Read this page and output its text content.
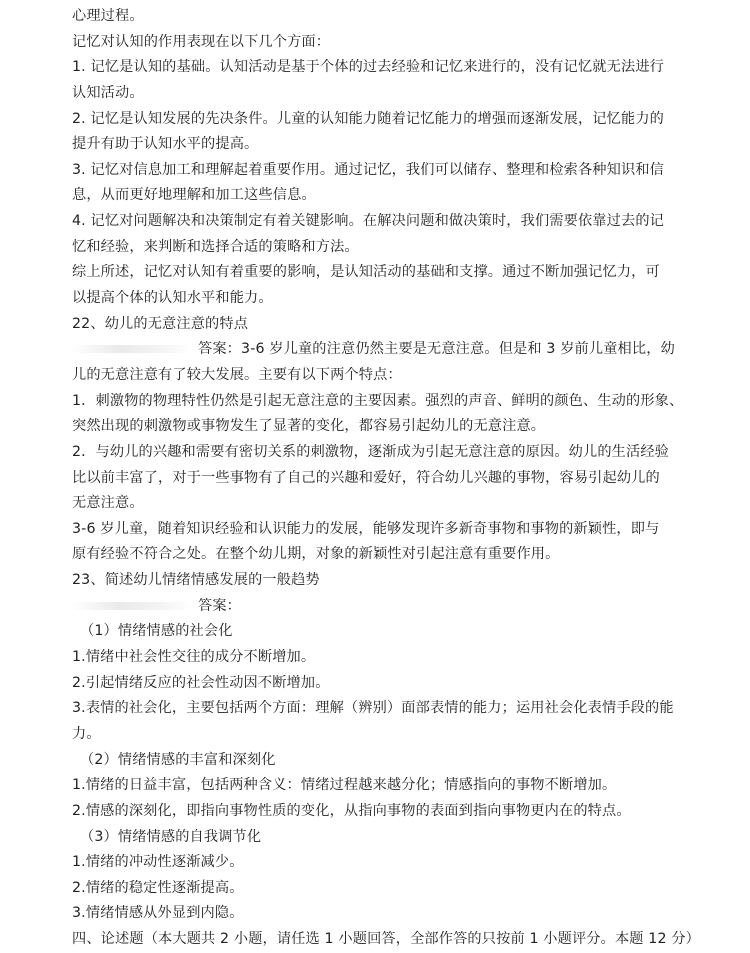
心理过程。
记忆对认知的作用表现在以下几个方面：
1. 记忆是认知的基础。认知活动是基于个体的过去经验和记忆来进行的，没有记忆就无法进行
认知活动。
2. 记忆是认知发展的先决条件。儿童的认知能力随着记忆能力的增强而逐渐发展，记忆能力的
提升有助于认知水平的提高。
3. 记忆对信息加工和理解起着重要作用。通过记忆，我们可以储存、整理和检索各种知识和信
息，从而更好地理解和加工这些信息。
4. 记忆对问题解决和决策制定有着关键影响。在解决问题和做决策时，我们需要依靠过去的记
忆和经验，来判断和选择合适的策略和方法。
综上所述，记忆对认知有着重要的影响，是认知活动的基础和支撑。通过不断加强记忆力，可
以提高个体的认知水平和能力。
22、幼儿的无意注意的特点
答案：3-6 岁儿童的注意仍然主要是无意注意。但是和 3 岁前儿童相比，幼
儿的无意注意有了较大发展。主要有以下两个特点：
1．刺激物的物理特性仍然是引起无意注意的主要因素。强烈的声音、鲜明的颜色、生动的形象、
突然出现的刺激物或事物发生了显著的变化，都容易引起幼儿的无意注意。
2．与幼儿的兴趣和需要有密切关系的刺激物，逐渐成为引起无意注意的原因。幼儿的生活经验
比以前丰富了，对于一些事物有了自己的兴趣和爱好，符合幼儿兴趣的事物，容易引起幼儿的
无意注意。
3-6 岁儿童，随着知识经验和认识能力的发展，能够发现许多新奇事物和事物的新颖性，即与
原有经验不符合之处。在整个幼儿期，对象的新颖性对引起注意有重要作用。
23、简述幼儿情绪情感发展的一般趋势
答案：
（1）情绪情感的社会化
1.情绪中社会性交往的成分不断增加。
2.引起情绪反应的社会性动因不断增加。
3.表情的社会化，主要包括两个方面：理解（辨别）面部表情的能力；运用社会化表情手段的能
力。
（2）情绪情感的丰富和深刻化
1.情绪的日益丰富，包括两种含义：情绪过程越来越分化；情感指向的事物不断增加。
2.情感的深刻化，即指向事物性质的变化，从指向事物的表面到指向事物更内在的特点。
（3）情绪情感的自我调节化
1.情绪的冲动性逐渐减少。
2.情绪的稳定性逐渐提高。
3.情绪情感从外显到内隐。
四、论述题（本大题共 2 小题，请任选 1 小题回答，全部作答的只按前 1 小题评分。本题 12 分）
